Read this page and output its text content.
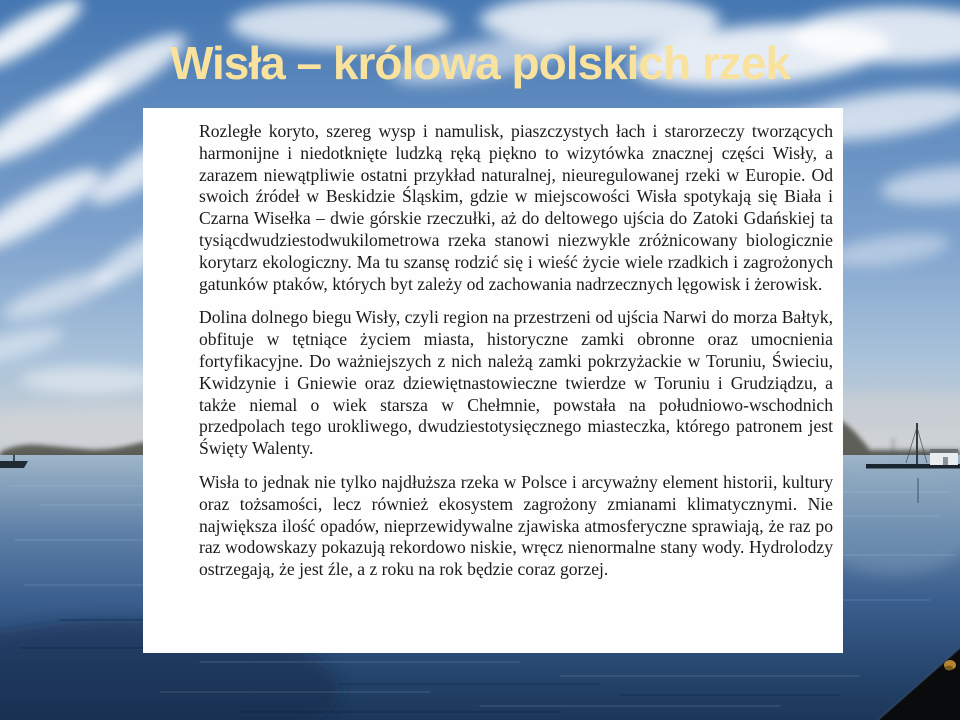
Wisła – królowa polskich rzek

Rozległe koryto, szereg wysp i namulisk, piaszczystych łach i starorzeczy tworzących harmonijne i niedotknięte ludzką ręką piękno to wizytówka znacznej części Wisły, a zarazem niewątpliwie ostatni przykład naturalnej, nieuregulowanej rzeki w Europie. Od swoich źródeł w Beskidzie Śląskim, gdzie w miejscowości Wisła spotykają się Biała i Czarna Wisełka – dwie górskie rzeczułki, aż do deltowego ujścia do Zatoki Gdańskiej ta tysiącdwudziestodwukilometrowa rzeka stanowi niezwykle zróżnicowany biologicznie korytarz ekologiczny. Ma tu szansę rodzić się i wieść życie wiele rzadkich i zagrożonych gatunków ptaków, których byt zależy od zachowania nadrzecznych lęgowisk i żerowisk.

Dolina dolnego biegu Wisły, czyli region na przestrzeni od ujścia Narwi do morza Bałtyk, obfituje w tętniące życiem miasta, historyczne zamki obronne oraz umocnienia fortyfikacyjne. Do ważniejszych z nich należą zamki pokrzyżackie w Toruniu, Świeciu, Kwidzynie i Gniewie oraz dziewiętnastowieczne twierdze w Toruniu i Grudziądzu, a także niemal o wiek starsza w Chełmnie, powstała na południowo-wschodnich przedpolach tego urokliwego, dwudziestotysięcznego miasteczka, którego patronem jest Święty Walenty.

Wisła to jednak nie tylko najdłuższa rzeka w Polsce i arcyważny element historii, kultury oraz tożsamości, lecz również ekosystem zagrożony zmianami klimatycznymi. Nie największa ilość opadów, nieprzewidywalne zjawiska atmosferyczne sprawiają, że raz po raz wodowskazy pokazują rekordowo niskie, wręcz nienormalne stany wody. Hydrolodzy ostrzegają, że jest źle, a z roku na rok będzie coraz gorzej.
